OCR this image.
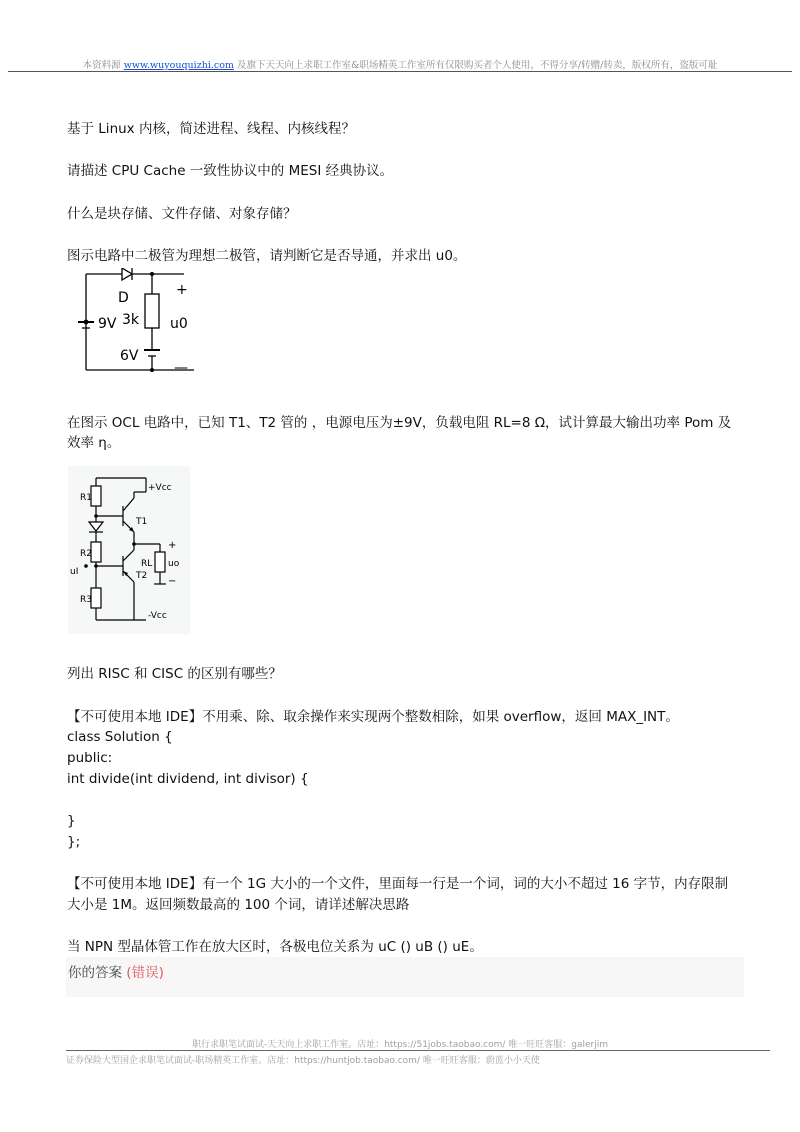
本资料源 www.wuyouquizhi.com 及旗下天天向上求职工作室&职场精英工作室所有仅限购买者个人使用，不得分享/转赠/转卖，版权所有，盗版可耻
基于 Linux 内核，简述进程、线程、内核线程？
请描述 CPU Cache 一致性协议中的 MESI 经典协议。
什么是块存储、文件存储、对象存储？
图示电路中二极管为理想二极管，请判断它是否导通，并求出 u0。
D
9V 3k u0
6V
+
—
在图示 OCL 电路中，已知 T1、T2 管的 ，电源电压为±9V，负载电阻 RL=8 Ω，试计算最大输出功率 Pom 及
效率 η。
+Vcc
-Vcc
R1
R2
R3
RL
T1
T2
uI
uo
+
−
列出 RISC 和 CISC 的区别有哪些？
【不可使用本地 IDE】不用乘、除、取余操作来实现两个整数相除，如果 overflow，返回 MAX_INT。
class Solution {
public:
int divide(int dividend, int divisor) {
}
};
【不可使用本地 IDE】有一个 1G 大小的一个文件，里面每一行是一个词，词的大小不超过 16 字节，内存限制
大小是 1M。返回频数最高的 100 个词，请详述解决思路
当 NPN 型晶体管工作在放大区时，各极电位关系为 uC () uB () uE。
你的答案 (错误)
职行求职笔试面试-天天向上求职工作室。店址：https://51jobs.taobao.com/ 唯一旺旺客服：galerjim
证券保险大型国企求职笔试面试-职场精英工作室。店址：https://huntjob.taobao.com/ 唯一旺旺客服：蔚蓝小小天使
